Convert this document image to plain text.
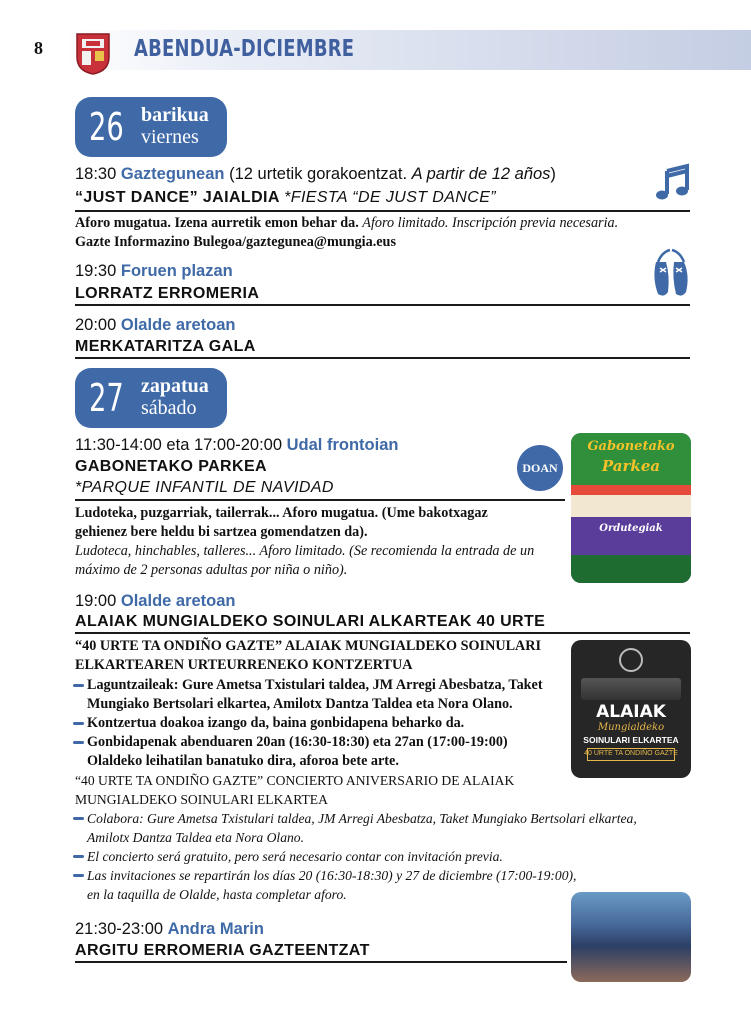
8	ABENDUA-DICIEMBRE
26 barikua
viernes
18:30 Gaztegunean (12 urtetik gorakoentzat. A partir de 12 años)
“JUST DANCE” JAIALDIA *FIESTA “DE JUST DANCE”
Aforo mugatua. Izena aurretik emon behar da. Aforo limitado. Inscripción previa necesaria.
Gazte Informazino Bulegoa/gaztegunea@mungia.eus
19:30 Foruen plazan
LORRATZ ERROMERIA
20:00 Olalde aretoan
MERKATARITZA GALA
27 zapatua
sábado
11:30-14:00 eta 17:00-20:00 Udal frontoian
GABONETAKO PARKEA
*PARQUE INFANTIL DE NAVIDAD
DOAN
Ludoteka, puzgarriak, tailerrak... Aforo mugatua. (Ume bakotxagaz
gehienez bere heldu bi sartzea gomendatzen da).
Ludoteca, hinchables, talleres... Aforo limitado. (Se recomienda la entrada de un
máximo de 2 personas adultas por niña o niño).
Gabonetako
Parkea
Ordutegiak
19:00 Olalde aretoan
ALAIAK MUNGIALDEKO SOINULARI ALKARTEAK 40 URTE
“40 URTE TA ONDIÑO GAZTE” ALAIAK MUNGIALDEKO SOINULARI
ELKARTEAREN URTEURRENEKO KONTZERTUA
Laguntzaileak: Gure Ametsa Txistulari taldea, JM Arregi Abesbatza, Taket
Mungiako Bertsolari elkartea, Amilotx Dantza Taldea eta Nora Olano.
Kontzertua doakoa izango da, baina gonbidapena beharko da.
Gonbidapenak abenduaren 20an (16:30-18:30) eta 27an (17:00-19:00)
Olaldeko leihatilan banatuko dira, aforoa bete arte.
“40 URTE TA ONDIÑO GAZTE” CONCIERTO ANIVERSARIO DE ALAIAK
MUNGIALDEKO SOINULARI ELKARTEA
Colabora: Gure Ametsa Txistulari taldea, JM Arregi Abesbatza, Taket Mungiako Bertsolari elkartea,
Amilotx Dantza Taldea eta Nora Olano.
El concierto será gratuito, pero será necesario contar con invitación previa.
Las invitaciones se repartirán los días 20 (16:30-18:30) y 27 de diciembre (17:00-19:00),
en la taquilla de Olalde, hasta completar aforo.
ALAIAK
Mungialdeko
SOINULARI ELKARTEA
40 URTE TA ONDIÑO GAZTE
21:30-23:00 Andra Marin
ARGITU ERROMERIA GAZTEENTZAT
